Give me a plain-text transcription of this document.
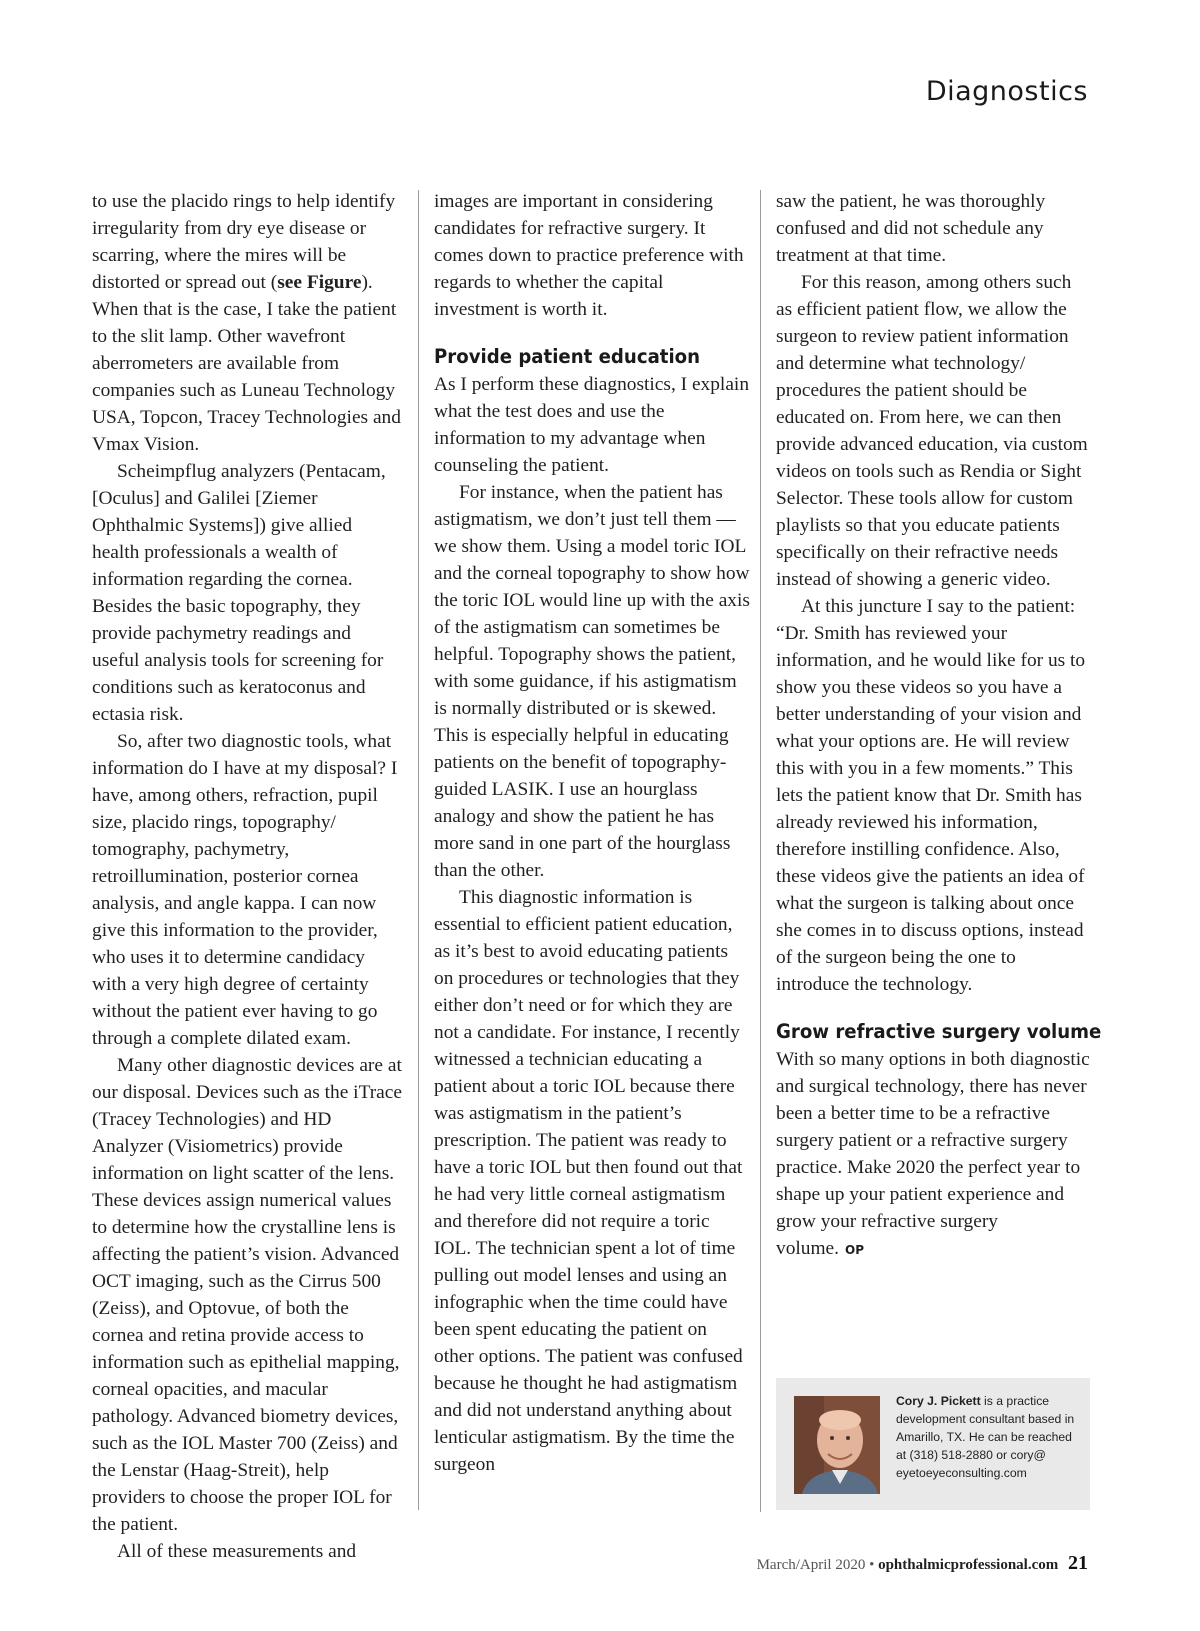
Diagnostics

to use the placido rings to help identify irregularity from dry eye disease or scarring, where the mires will be distorted or spread out (see Figure). When that is the case, I take the patient to the slit lamp. Other wavefront aberrometers are available from companies such as Luneau Technology USA, Topcon, Tracey Technologies and Vmax Vision.

Scheimpflug analyzers (Pentacam, [Oculus] and Galilei [Ziemer Ophthalmic Systems]) give allied health professionals a wealth of information regarding the cornea. Besides the basic topography, they provide pachymetry readings and useful analysis tools for screening for conditions such as keratoconus and ectasia risk.

So, after two diagnostic tools, what information do I have at my disposal? I have, among others, refraction, pupil size, placido rings, topography/ tomography, pachymetry, retroillumination, posterior cornea analysis, and angle kappa. I can now give this information to the provider, who uses it to determine candidacy with a very high degree of certainty without the patient ever having to go through a complete dilated exam.

Many other diagnostic devices are at our disposal. Devices such as the iTrace (Tracey Technologies) and HD Analyzer (Visiometrics) provide information on light scatter of the lens. These devices assign numerical values to determine how the crystalline lens is affecting the patient’s vision. Advanced OCT imaging, such as the Cirrus 500 (Zeiss), and Optovue, of both the cornea and retina provide access to information such as epithelial mapping, corneal opacities, and macular pathology. Advanced biometry devices, such as the IOL Master 700 (Zeiss) and the Lenstar (Haag-Streit), help providers to choose the proper IOL for the patient.

All of these measurements and

images are important in considering candidates for refractive surgery. It comes down to practice preference with regards to whether the capital investment is worth it.

Provide patient education

As I perform these diagnostics, I explain what the test does and use the information to my advantage when counseling the patient.

For instance, when the patient has astigmatism, we don’t just tell them — we show them. Using a model toric IOL and the corneal topography to show how the toric IOL would line up with the axis of the astigmatism can sometimes be helpful. Topography shows the patient, with some guidance, if his astigmatism is normally distributed or is skewed. This is especially helpful in educating patients on the benefit of topography-guided LASIK. I use an hourglass analogy and show the patient he has more sand in one part of the hourglass than the other.

This diagnostic information is essential to efficient patient education, as it’s best to avoid educating patients on procedures or technologies that they either don’t need or for which they are not a candidate. For instance, I recently witnessed a technician educating a patient about a toric IOL because there was astigmatism in the patient’s prescription. The patient was ready to have a toric IOL but then found out that he had very little corneal astigmatism and therefore did not require a toric IOL. The technician spent a lot of time pulling out model lenses and using an infographic when the time could have been spent educating the patient on other options. The patient was confused because he thought he had astigmatism and did not understand anything about lenticular astigmatism. By the time the surgeon

saw the patient, he was thoroughly confused and did not schedule any treatment at that time.

For this reason, among others such as efficient patient flow, we allow the surgeon to review patient information and determine what technology/ procedures the patient should be educated on. From here, we can then provide advanced education, via custom videos on tools such as Rendia or Sight Selector. These tools allow for custom playlists so that you educate patients specifically on their refractive needs instead of showing a generic video.

At this juncture I say to the patient: “Dr. Smith has reviewed your information, and he would like for us to show you these videos so you have a better understanding of your vision and what your options are. He will review this with you in a few moments.” This lets the patient know that Dr. Smith has already reviewed his information, therefore instilling confidence. Also, these videos give the patients an idea of what the surgeon is talking about once she comes in to discuss options, instead of the surgeon being the one to introduce the technology.

Grow refractive surgery volume

With so many options in both diagnostic and surgical technology, there has never been a better time to be a refractive surgery patient or a refractive surgery practice. Make 2020 the perfect year to shape up your patient experience and grow your refractive surgery volume. OP

Cory J. Pickett is a practice development consultant based in Amarillo, TX. He can be reached at (318) 518-2880 or cory@ eyetoeyeconsulting.com
March/April 2020 • ophthalmicprofessional.com 21
